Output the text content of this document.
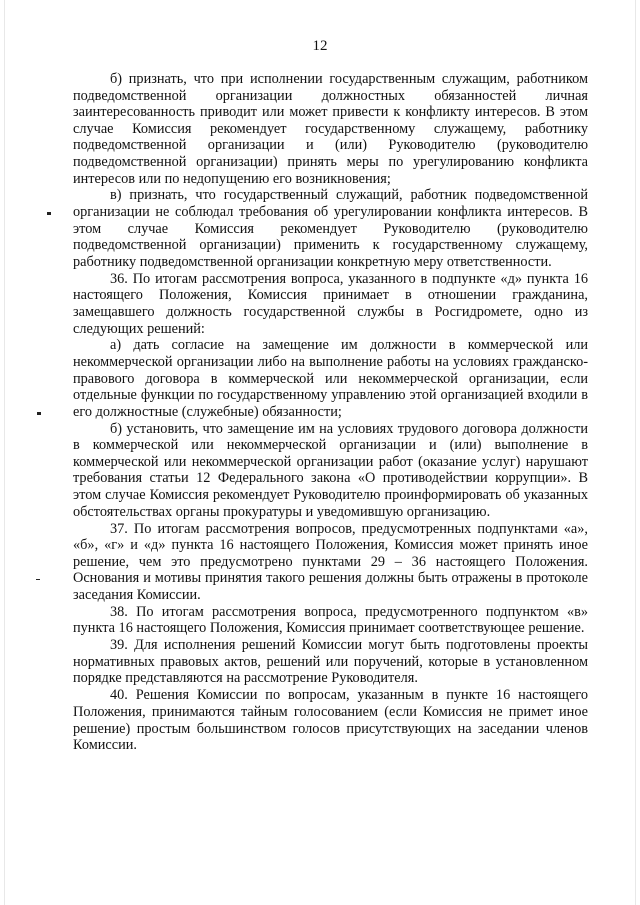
12

б) признать, что при исполнении государственным служащим, работником подведомственной организации должностных обязанностей личная заинтересованность приводит или может привести к конфликту интересов. В этом случае Комиссия рекомендует государственному служащему, работнику подведомственной организации и (или) Руководителю (руководителю подведомственной организации) принять меры по урегулированию конфликта интересов или по недопущению его возникновения;

в) признать, что государственный служащий, работник подведомственной организации не соблюдал требования об урегулировании конфликта интересов. В этом случае Комиссия рекомендует Руководителю (руководителю подведомственной организации) применить к государственному служащему, работнику подведомственной организации конкретную меру ответственности.

36. По итогам рассмотрения вопроса, указанного в подпункте «д» пункта 16 настоящего Положения, Комиссия принимает в отношении гражданина, замещавшего должность государственной службы в Росгидромете, одно из следующих решений:

а) дать согласие на замещение им должности в коммерческой или некоммерческой организации либо на выполнение работы на условиях гражданско-правового договора в коммерческой или некоммерческой организации, если отдельные функции по государственному управлению этой организацией входили в его должностные (служебные) обязанности;

б) установить, что замещение им на условиях трудового договора должности в коммерческой или некоммерческой организации и (или) выполнение в коммерческой или некоммерческой организации работ (оказание услуг) нарушают требования статьи 12 Федерального закона «О противодействии коррупции». В этом случае Комиссия рекомендует Руководителю проинформировать об указанных обстоятельствах органы прокуратуры и уведомившую организацию.

37. По итогам рассмотрения вопросов, предусмотренных подпунктами «а», «б», «г» и «д» пункта 16 настоящего Положения, Комиссия может принять иное решение, чем это предусмотрено пунктами 29 – 36 настоящего Положения. Основания и мотивы принятия такого решения должны быть отражены в протоколе заседания Комиссии.

38. По итогам рассмотрения вопроса, предусмотренного подпунктом «в» пункта 16 настоящего Положения, Комиссия принимает соответствующее решение.

39. Для исполнения решений Комиссии могут быть подготовлены проекты нормативных правовых актов, решений или поручений, которые в установленном порядке представляются на рассмотрение Руководителя.

40. Решения Комиссии по вопросам, указанным в пункте 16 настоящего Положения, принимаются тайным голосованием (если Комиссия не примет иное решение) простым большинством голосов присутствующих на заседании членов Комиссии.
